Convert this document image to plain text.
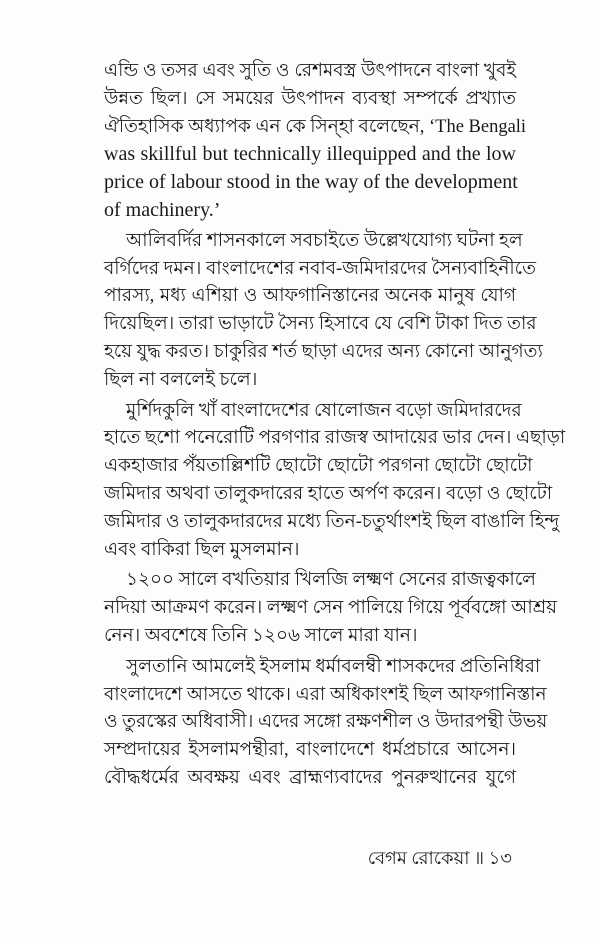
এন্ডি ও তসর এবং সুতি ও রেশমবস্ত্র উৎপাদনে বাংলা খুবই
উন্নত ছিল। সে সময়ের উৎপাদন ব্যবস্থা সম্পর্কে প্রখ্যাত
ঐতিহাসিক অধ্যাপক এন কে সিন্‌হা বলেছেন, ‘The Bengali
was skillful but technically illequipped and the low
price of labour stood in the way of the development
of machinery.’
আলিবর্দির শাসনকালে সবচাইতে উল্লেখযোগ্য ঘটনা হল
বর্গিদের দমন। বাংলাদেশের নবাব-জমিদারদের সৈন্যবাহিনীতে
পারস্য, মধ্য এশিয়া ও আফগানিস্তানের অনেক মানুষ যোগ
দিয়েছিল। তারা ভাড়াটে সৈন্য হিসাবে যে বেশি টাকা দিত তার
হয়ে যুদ্ধ করত। চাকুরির শর্ত ছাড়া এদের অন্য কোনো আনুগত্য
ছিল না বললেই চলে।
মুর্শিদকুলি খাঁ বাংলাদেশের ষোলোজন বড়ো জমিদারদের
হাতে ছশো পনেরোটি পরগণার রাজস্ব আদায়ের ভার দেন। এছাড়া
একহাজার পঁয়তাল্লিশটি ছোটো ছোটো পরগনা ছোটো ছোটো
জমিদার অথবা তালুকদারের হাতে অর্পণ করেন। বড়ো ও ছোটো
জমিদার ও তালুকদারদের মধ্যে তিন-চতুর্থাংশই ছিল বাঙালি হিন্দু
এবং বাকিরা ছিল মুসলমান।
১২০০ সালে বখতিয়ার খিলজি লক্ষ্মণ সেনের রাজত্বকালে
নদিয়া আক্রমণ করেন। লক্ষ্মণ সেন পালিয়ে গিয়ে পূর্ববঙ্গো আশ্রয়
নেন। অবশেষে তিনি ১২০৬ সালে মারা যান।
সুলতানি আমলেই ইসলাম ধর্মাবলম্বী শাসকদের প্রতিনিধিরা
বাংলাদেশে আসতে থাকে। এরা অধিকাংশই ছিল আফগানিস্তান
ও তুরস্কের অধিবাসী। এদের সঙ্গো রক্ষণশীল ও উদারপন্থী উভয়
সম্প্রদায়ের ইসলামপন্থীরা, বাংলাদেশে ধর্মপ্রচারে আসেন।
বৌদ্ধধর্মের অবক্ষয় এবং ব্রাহ্মণ্যবাদের পুনরুত্থানের যুগে
বেগম রোকেয়া ॥ ১৩
